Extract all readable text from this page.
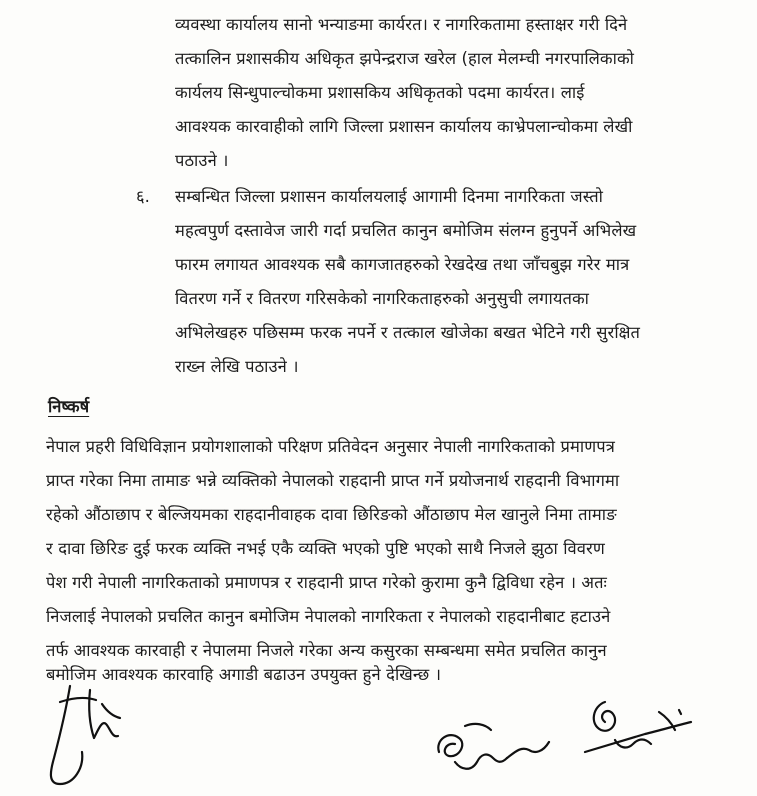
व्यवस्था कार्यालय सानो भन्याङमा कार्यरत। र नागरिकतामा हस्ताक्षर गरी दिने
तत्कालिन प्रशासकीय अधिकृत झपेन्द्रराज खरेल (हाल मेलम्ची नगरपालिकाको
कार्यलय सिन्धुपाल्चोकमा प्रशासकिय अधिकृतको पदमा कार्यरत। लाई
आवश्यक कारवाहीको लागि जिल्ला प्रशासन कार्यालय काभ्रेपलान्चोकमा लेखी
पठाउने ।
६. सम्बन्धित जिल्ला प्रशासन कार्यालयलाई आगामी दिनमा नागरिकता जस्तो
महत्वपुर्ण दस्तावेज जारी गर्दा प्रचलित कानुन बमोजिम संलग्न हुनुपर्ने अभिलेख
फारम लगायत आवश्यक सबै कागजातहरुको रेखदेख तथा जाँचबुझ गरेर मात्र
वितरण गर्ने र वितरण गरिसकेको नागरिकताहरुको अनुसुची लगायतका
अभिलेखहरु पछिसम्म फरक नपर्ने र तत्काल खोजेका बखत भेटिने गरी सुरक्षित
राख्न लेखि पठाउने ।
निष्कर्ष
नेपाल प्रहरी विधिविज्ञान प्रयोगशालाको परिक्षण प्रतिवेदन अनुसार नेपाली नागरिकताको प्रमाणपत्र
प्राप्त गरेका निमा तामाङ भन्ने व्यक्तिको नेपालको राहदानी प्राप्त गर्ने प्रयोजनार्थ राहदानी विभागमा
रहेको औंठाछाप र बेल्जियमका राहदानीवाहक दावा छिरिङको औंठाछाप मेल खानुले निमा तामाङ
र दावा छिरिङ दुई फरक व्यक्ति नभई एकै व्यक्ति भएको पुष्टि भएको साथै निजले झुठा विवरण
पेश गरी नेपाली नागरिकताको प्रमाणपत्र र राहदानी प्राप्त गरेको कुरामा कुनै द्विविधा रहेन । अतः
निजलाई नेपालको प्रचलित कानुन बमोजिम नेपालको नागरिकता र नेपालको राहदानीबाट हटाउने
तर्फ आवश्यक कारवाही र नेपालमा निजले गरेका अन्य कसुरका सम्बन्धमा समेत प्रचलित कानुन
बमोजिम आवश्यक कारवाहि अगाडी बढाउन उपयुक्त हुने देखिन्छ ।
